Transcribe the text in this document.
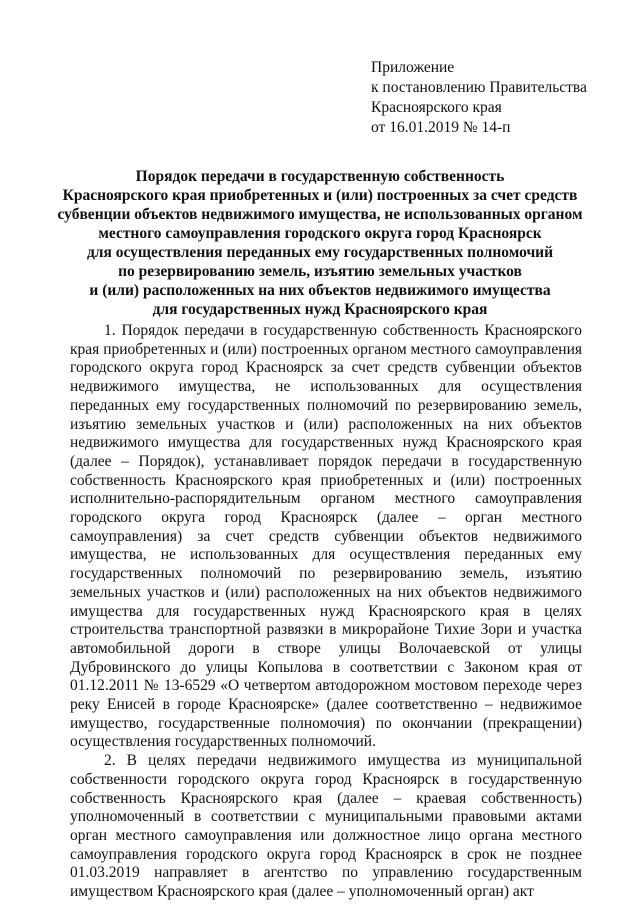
Приложение
к постановлению Правительства
Красноярского края
от 16.01.2019 № 14-п
Порядок передачи в государственную собственность
Красноярского края приобретенных и (или) построенных за счет средств
субвенции объектов недвижимого имущества, не использованных органом
местного самоуправления городского округа город Красноярск
для осуществления переданных ему государственных полномочий
по резервированию земель, изъятию земельных участков
и (или) расположенных на них объектов недвижимого имущества
для государственных нужд Красноярского края

1. Порядок передачи в государственную собственность Красноярского края приобретенных и (или) построенных органом местного самоуправления городского округа город Красноярск за счет средств субвенции объектов недвижимого имущества, не использованных для осуществления переданных ему государственных полномочий по резервированию земель, изъятию земельных участков и (или) расположенных на них объектов недвижимого имущества для государственных нужд Красноярского края (далее – Порядок), устанавливает порядок передачи в государственную собственность Красноярского края приобретенных и (или) построенных исполнительно-распорядительным органом местного самоуправления городского округа город Красноярск (далее – орган местного самоуправления) за счет средств субвенции объектов недвижимого имущества, не использованных для осуществления переданных ему государственных полномочий по резервированию земель, изъятию земельных участков и (или) расположенных на них объектов недвижимого имущества для государственных нужд Красноярского края в целях строительства транспортной развязки в микрорайоне Тихие Зори и участка автомобильной дороги в створе улицы Волочаевской от улицы Дубровинского до улицы Копылова в соответствии с Законом края от 01.12.2011 № 13-6529 «О четвертом автодорожном мостовом переходе через реку Енисей в городе Красноярске» (далее соответственно – недвижимое имущество, государственные полномочия) по окончании (прекращении) осуществления государственных полномочий.

2. В целях передачи недвижимого имущества из муниципальной собственности городского округа город Красноярск в государственную собственность Красноярского края (далее – краевая собственность) уполномоченный в соответствии с муниципальными правовыми актами орган местного самоуправления или должностное лицо органа местного самоуправления городского округа город Красноярск в срок не позднее 01.03.2019 направляет в агентство по управлению государственным имуществом Красноярского края (далее – уполномоченный орган) акт
